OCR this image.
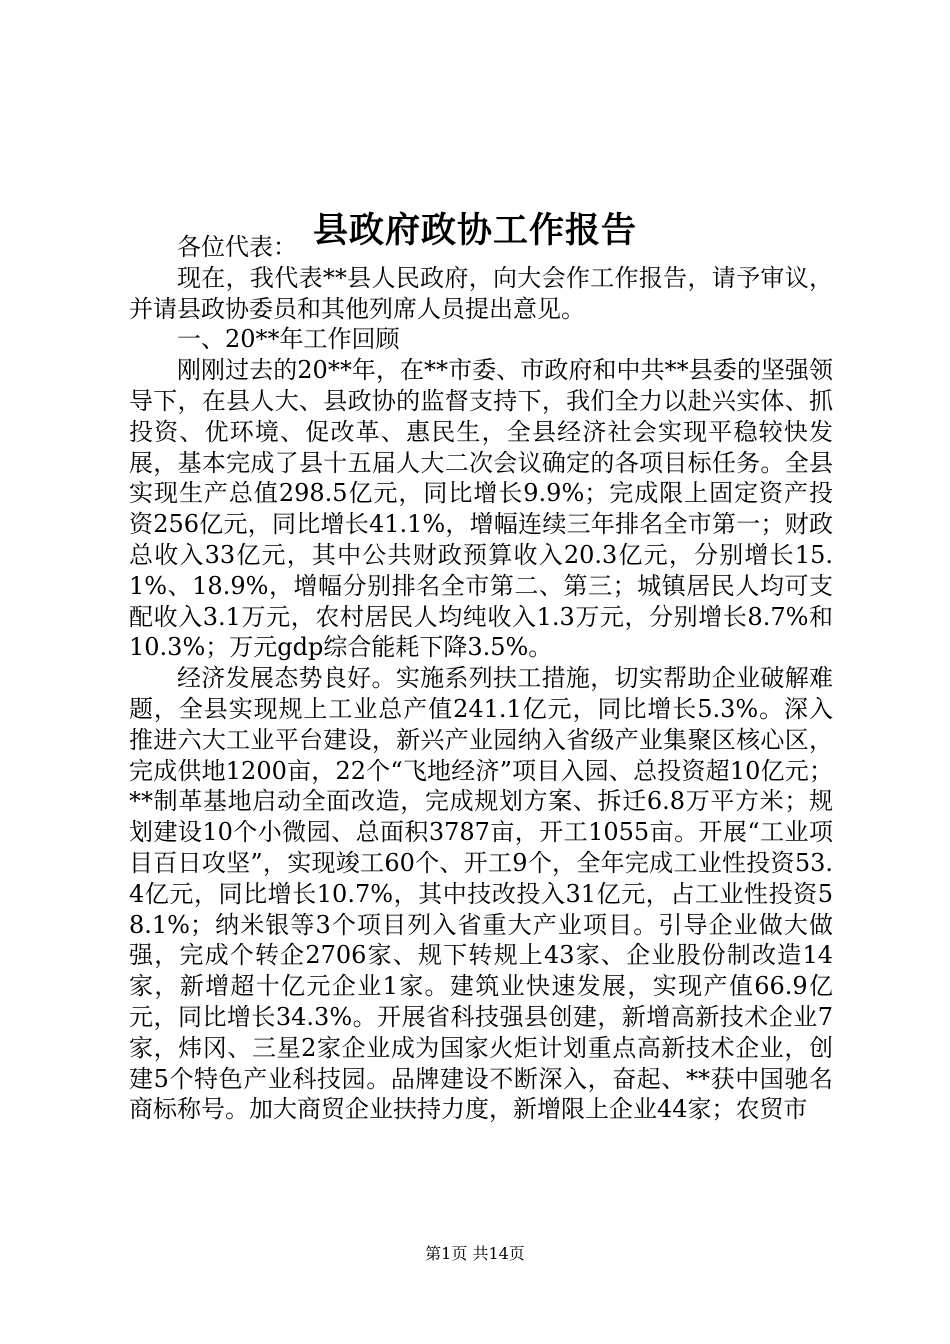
县政府政协工作报告

各位代表：

现在，我代表**县人民政府，向大会作工作报告，请予审议，并请县政协委员和其他列席人员提出意见。

一、20**年工作回顾

刚刚过去的20**年，在**市委、市政府和中共**县委的坚强领导下，在县人大、县政协的监督支持下，我们全力以赴兴实体、抓投资、优环境、促改革、惠民生，全县经济社会实现平稳较快发展，基本完成了县十五届人大二次会议确定的各项目标任务。全县实现生产总值298.5亿元，同比增长9.9%；完成限上固定资产投资256亿元，同比增长41.1%，增幅连续三年排名全市第一；财政总收入33亿元，其中公共财政预算收入20.3亿元，分别增长15.1%、18.9%，增幅分别排名全市第二、第三；城镇居民人均可支配收入3.1万元，农村居民人均纯收入1.3万元，分别增长8.7%和10.3%；万元gdp综合能耗下降3.5%。

经济发展态势良好。实施系列扶工措施，切实帮助企业破解难题，全县实现规上工业总产值241.1亿元，同比增长5.3%。深入推进六大工业平台建设，新兴产业园纳入省级产业集聚区核心区，完成供地1200亩，22个“飞地经济”项目入园、总投资超10亿元；**制革基地启动全面改造，完成规划方案、拆迁6.8万平方米；规划建设10个小微园、总面积3787亩，开工1055亩。开展“工业项目百日攻坚”，实现竣工60个、开工9个，全年完成工业性投资53.4亿元，同比增长10.7%，其中技改投入31亿元，占工业性投资58.1%；纳米银等3个项目列入省重大产业项目。引导企业做大做强，完成个转企2706家、规下转规上43家、企业股份制改造14家，新增超十亿元企业1家。建筑业快速发展，实现产值66.9亿元，同比增长34.3%。开展省科技强县创建，新增高新技术企业7家，炜冈、三星2家企业成为国家火炬计划重点高新技术企业，创建5个特色产业科技园。品牌建设不断深入，奋起、**获中国驰名商标称号。加大商贸企业扶持力度，新增限上企业44家；农贸市

第1页 共14页
